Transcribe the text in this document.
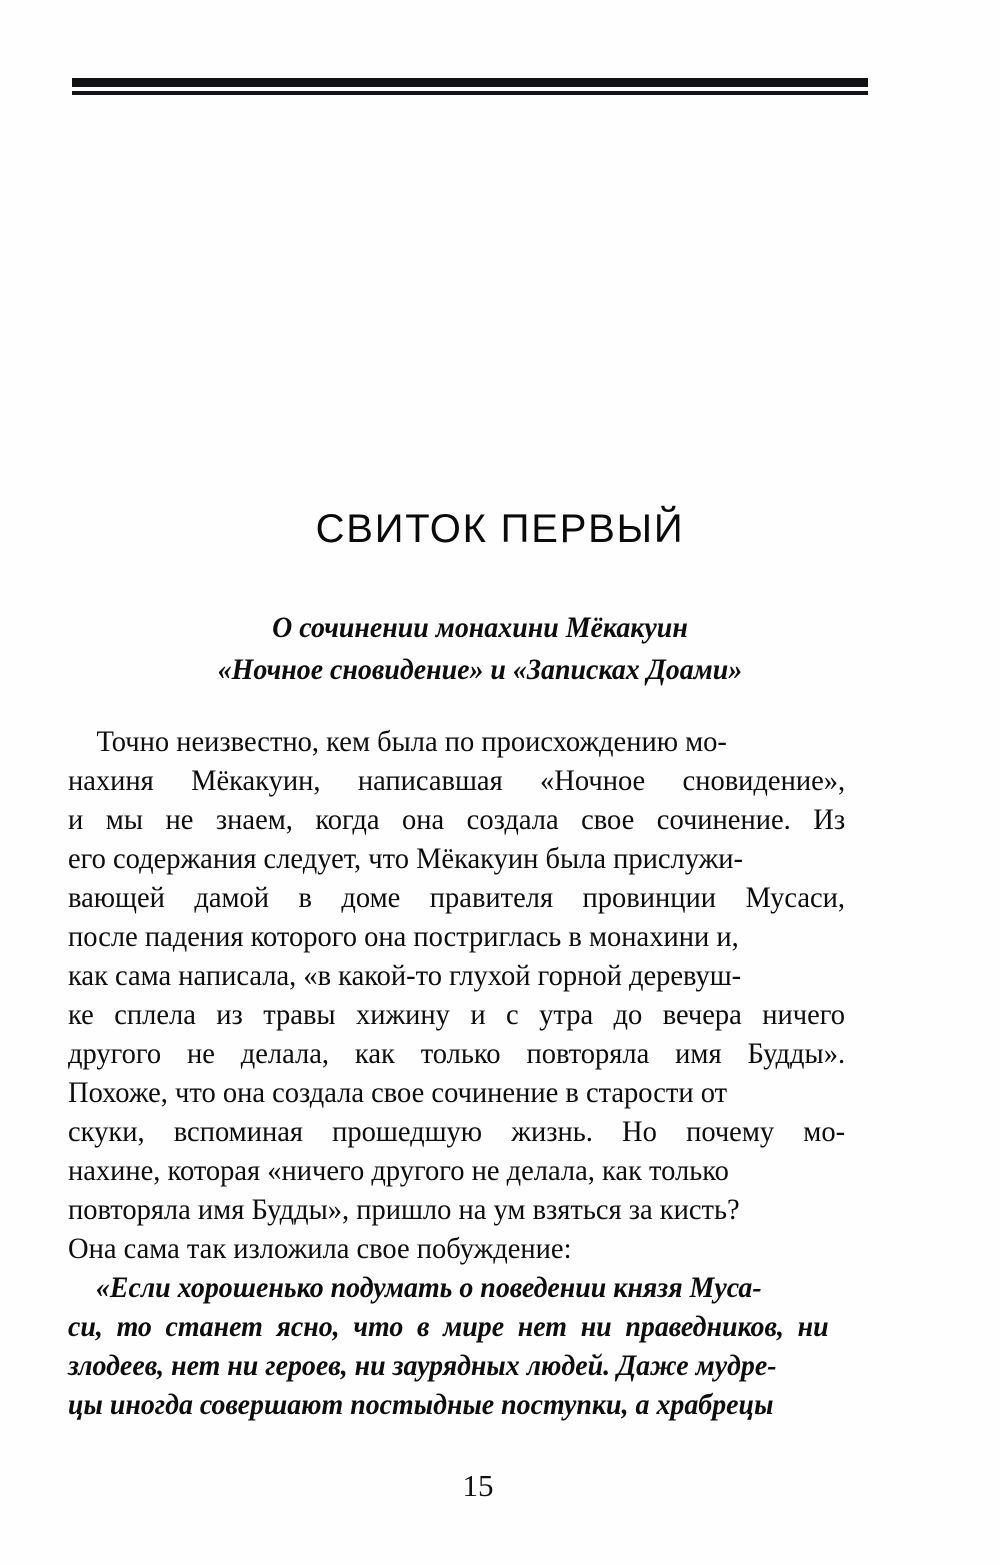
СВИТОК ПЕРВЫЙ
О сочинении монахини Мёкакуин
«Ночное сновидение» и «Записках Доами»
Точно неизвестно, кем была по происхождению мо-
нахиня Мёкакуин, написавшая «Ночное сновидение»,
и мы не знаем, когда она создала свое сочинение. Из
его содержания следует, что Мёкакуин была прислужи-
вающей дамой в доме правителя провинции Мусаси,
после падения которого она постриглась в монахини и,
как сама написала, «в какой-то глухой горной деревуш-
ке сплела из травы хижину и с утра до вечера ничего
другого не делала, как только повторяла имя Будды».
Похоже, что она создала свое сочинение в старости от
скуки, вспоминая прошедшую жизнь. Но почему мо-
нахине, которая «ничего другого не делала, как только
повторяла имя Будды», пришло на ум взяться за кисть?
Она сама так изложила свое побуждение:
«Если хорошенько подумать о поведении князя Муса-
си, то станет ясно, что в мире нет ни праведников, ни
злодеев, нет ни героев, ни заурядных людей. Даже мудре-
цы иногда совершают постыдные поступки, а храбрецы
15
